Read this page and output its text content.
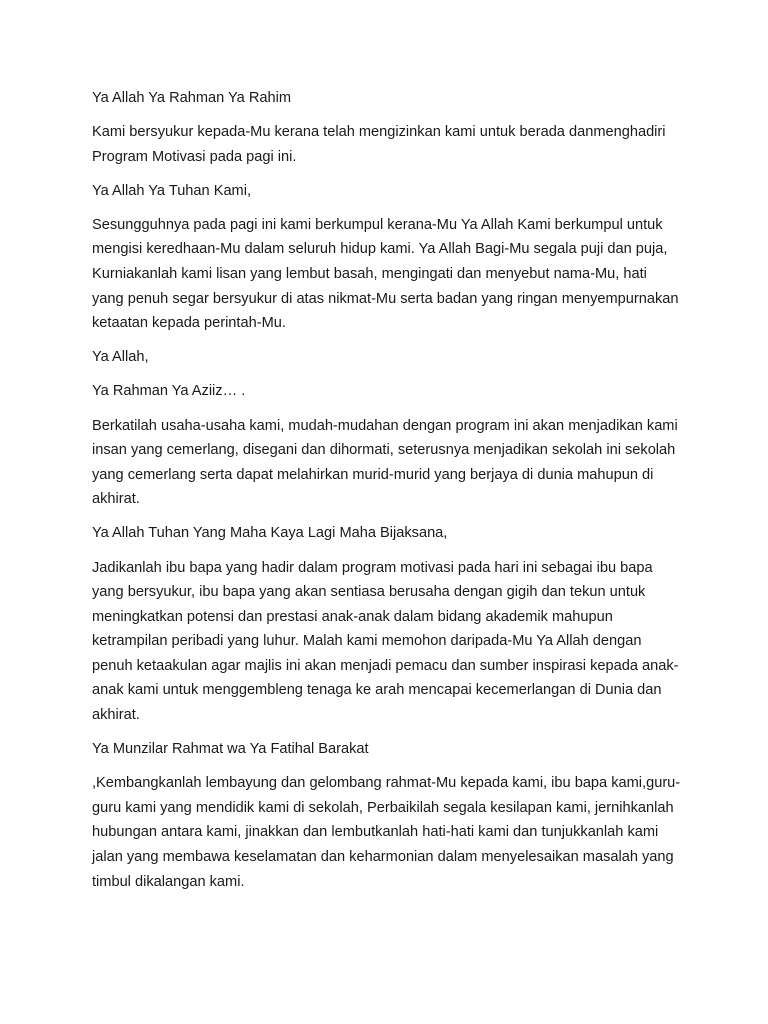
Ya Allah Ya Rahman Ya Rahim

Kami bersyukur kepada-Mu kerana telah mengizinkan kami untuk berada danmenghadiri Program Motivasi pada pagi ini.

Ya Allah Ya Tuhan Kami,

Sesungguhnya pada pagi ini kami berkumpul kerana-Mu Ya Allah Kami berkumpul untuk mengisi keredhaan-Mu dalam seluruh hidup kami. Ya Allah Bagi-Mu segala puji dan puja, Kurniakanlah kami lisan yang lembut basah, mengingati dan menyebut nama-Mu, hati yang penuh segar bersyukur di atas nikmat-Mu serta badan yang ringan menyempurnakan ketaatan kepada perintah-Mu.

Ya Allah,

Ya Rahman Ya Aziiz… .

Berkatilah usaha-usaha kami, mudah-mudahan dengan program ini akan menjadikan kami insan yang cemerlang, disegani dan dihormati, seterusnya menjadikan sekolah ini sekolah yang cemerlang serta dapat melahirkan murid-murid yang berjaya di dunia mahupun di akhirat.

Ya Allah Tuhan Yang Maha Kaya Lagi Maha Bijaksana,

Jadikanlah ibu bapa yang hadir dalam program motivasi pada hari ini sebagai ibu bapa yang bersyukur, ibu bapa yang akan sentiasa berusaha dengan gigih dan tekun untuk meningkatkan potensi dan prestasi anak-anak dalam bidang akademik mahupun ketrampilan peribadi yang luhur. Malah kami memohon daripada-Mu Ya Allah dengan penuh ketaakulan agar majlis ini akan menjadi pemacu dan sumber inspirasi kepada anak-anak kami untuk menggembleng tenaga ke arah mencapai kecemerlangan di Dunia dan akhirat.

Ya Munzilar Rahmat wa Ya Fatihal Barakat

,Kembangkanlah lembayung dan gelombang rahmat-Mu kepada kami, ibu bapa kami,guru-guru kami yang mendidik kami di sekolah, Perbaikilah segala kesilapan kami, jernihkanlah hubungan antara kami, jinakkan dan lembutkanlah hati-hati kami dan tunjukkanlah kami jalan yang membawa keselamatan dan keharmonian dalam menyelesaikan masalah yang timbul dikalangan kami.
